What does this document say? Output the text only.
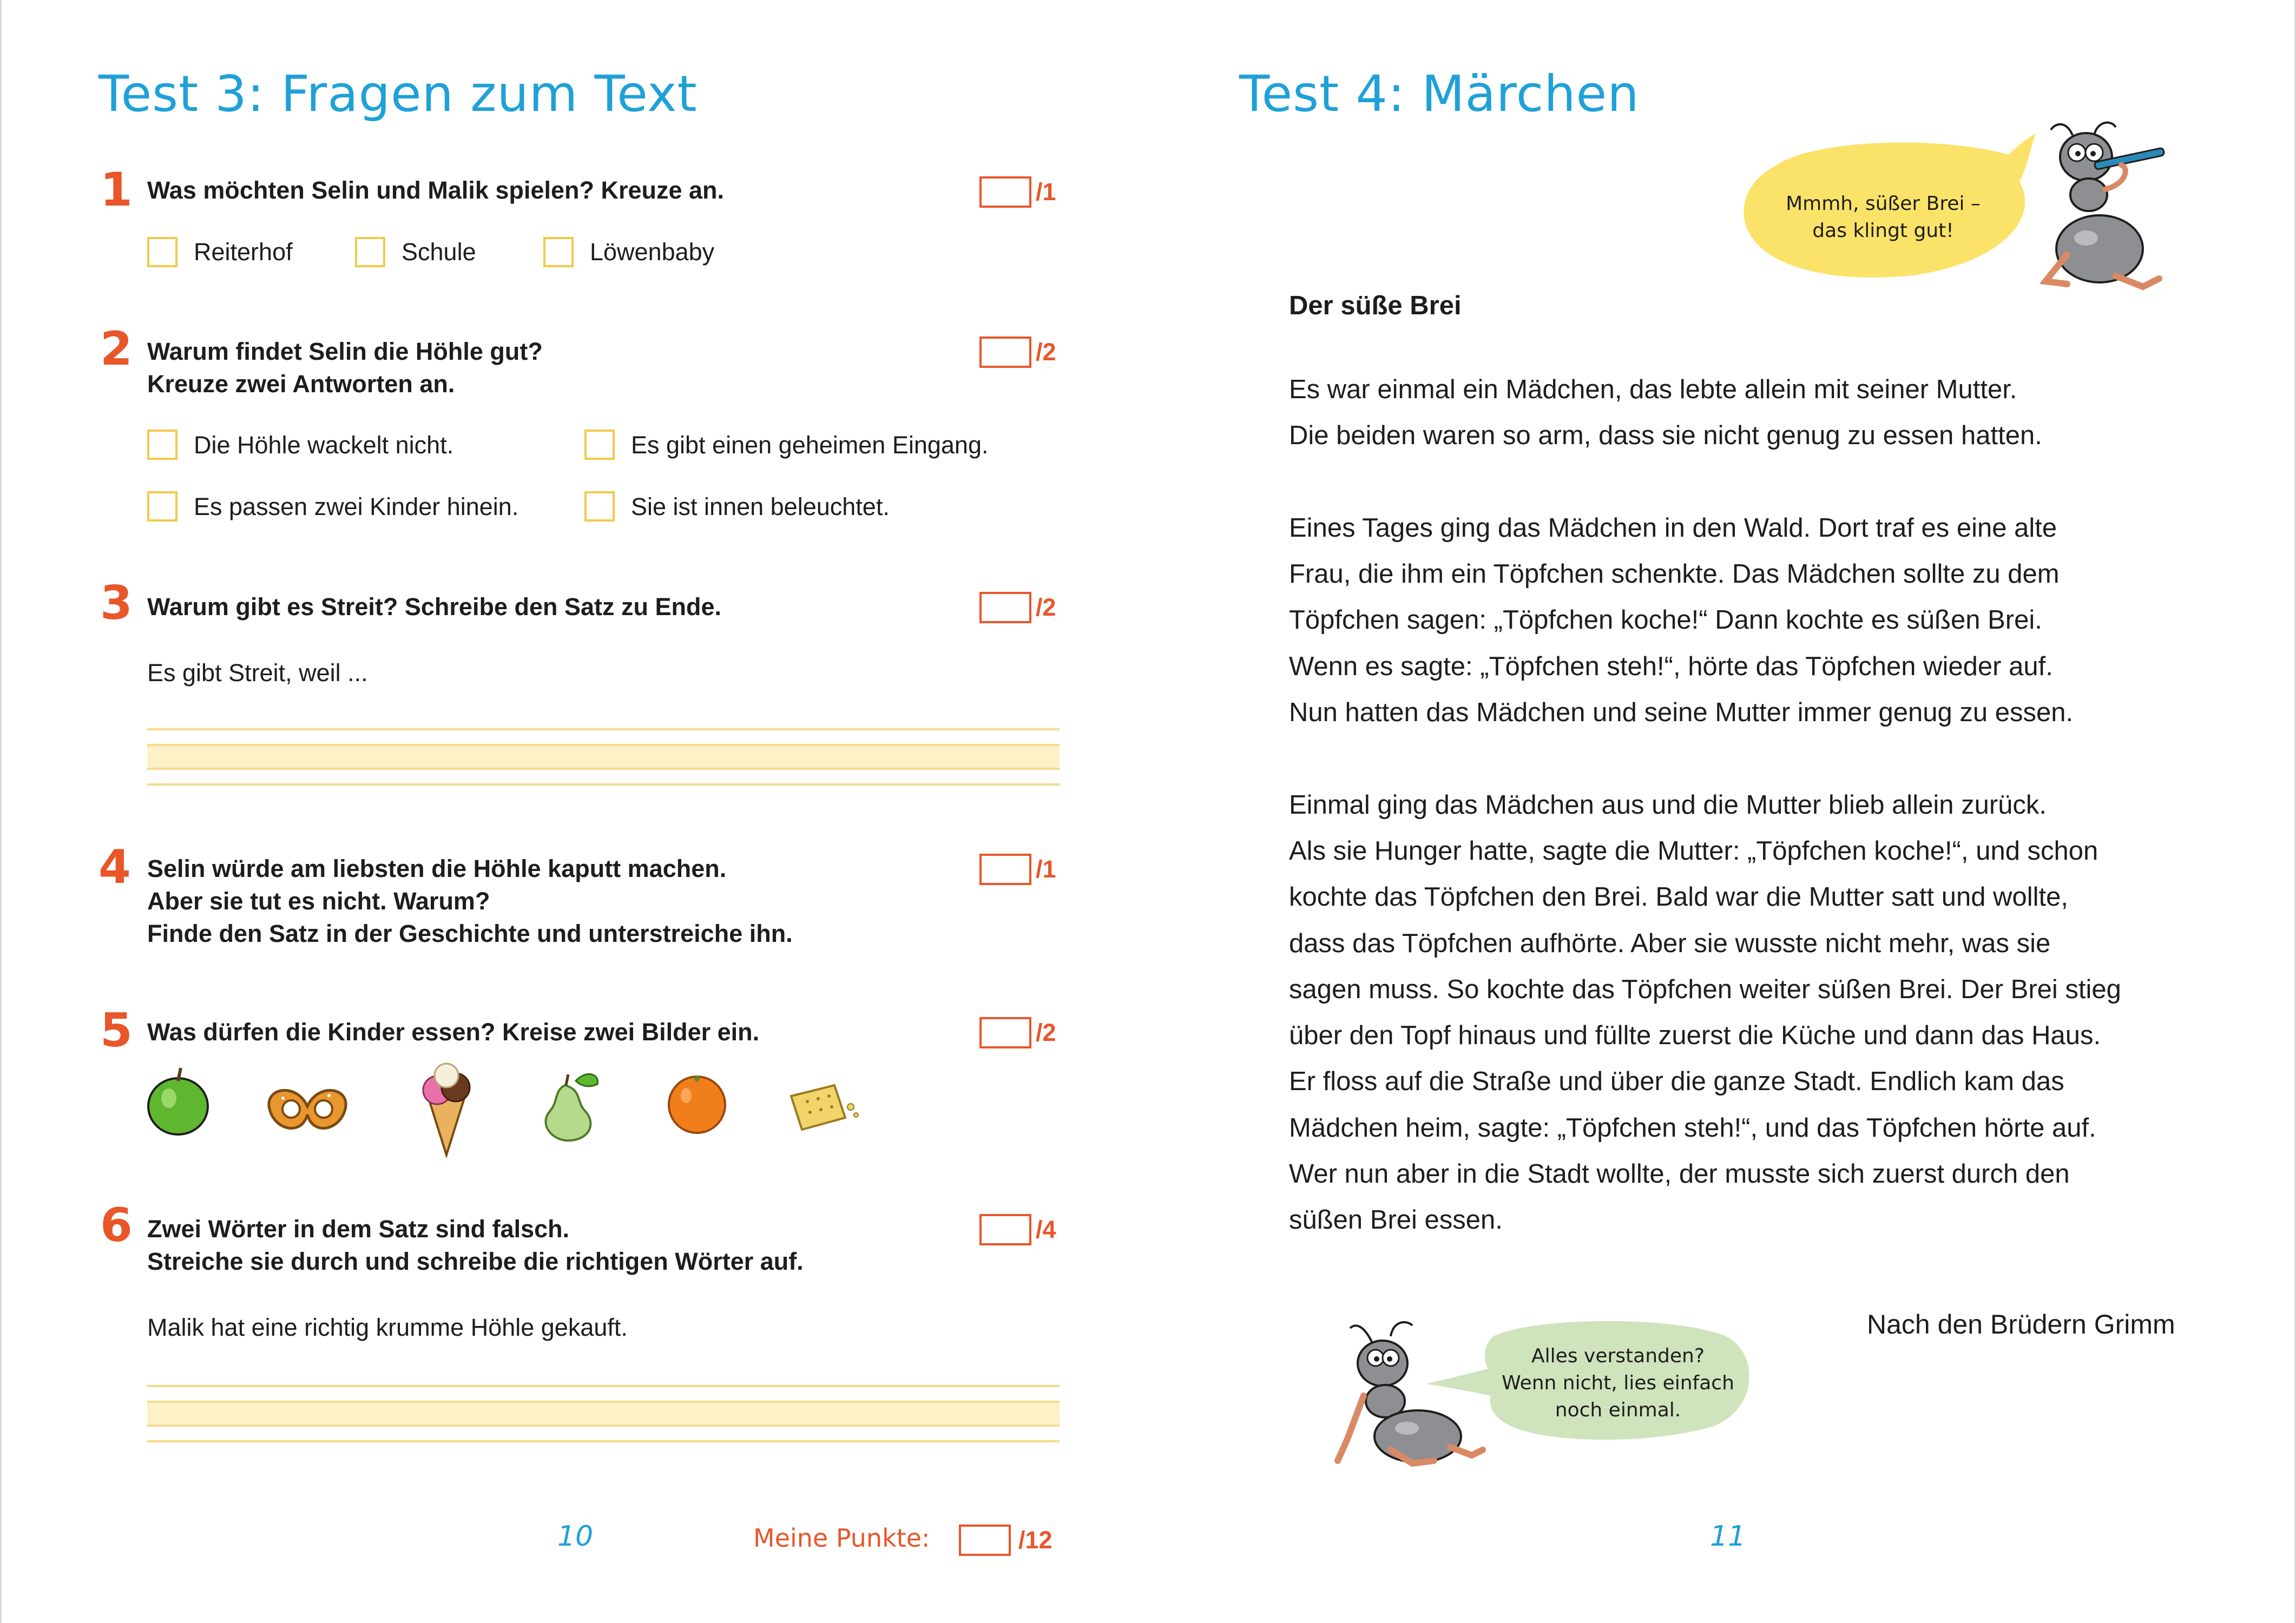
Test 3: Fragen zum Text
1 Was möchten Selin und Malik spielen? Kreuze an.	/1
Reiterhof	Schule	Löwenbaby
2 Warum findet Selin die Höhle gut?
Kreuze zwei Antworten an.
/2
Die Höhle wackelt nicht.	Es gibt einen geheimen Eingang.
Es passen zwei Kinder hinein.	Sie ist innen beleuchtet.
3 Warum gibt es Streit? Schreibe den Satz zu Ende.	/2
Es gibt Streit, weil ...
4 Selin würde am liebsten die Höhle kaputt machen.
Aber sie tut es nicht. Warum?
Finde den Satz in der Geschichte und unterstreiche ihn.
/1
5 Was dürfen die Kinder essen? Kreise zwei Bilder ein.	/2
6 Zwei Wörter in dem Satz sind falsch.
Streiche sie durch und schreibe die richtigen Wörter auf.
/4
Malik hat eine richtig krumme Höhle gekauft.
10	Meine Punkte:	/12
Test 4: Märchen
Mmmh, süßer Brei –
das klingt gut!
Der süße Brei

Es war einmal ein Mädchen, das lebte allein mit seiner Mutter.
Die beiden waren so arm, dass sie nicht genug zu essen hatten.

Eines Tages ging das Mädchen in den Wald. Dort traf es eine alte
Frau, die ihm ein Töpfchen schenkte. Das Mädchen sollte zu dem
Töpfchen sagen: „Töpfchen koche!“ Dann kochte es süßen Brei.
Wenn es sagte: „Töpfchen steh!“, hörte das Töpfchen wieder auf.
Nun hatten das Mädchen und seine Mutter immer genug zu essen.

Einmal ging das Mädchen aus und die Mutter blieb allein zurück.
Als sie Hunger hatte, sagte die Mutter: „Töpfchen koche!“, und schon
kochte das Töpfchen den Brei. Bald war die Mutter satt und wollte,
dass das Töpfchen aufhörte. Aber sie wusste nicht mehr, was sie
sagen muss. So kochte das Töpfchen weiter süßen Brei. Der Brei stieg
über den Topf hinaus und füllte zuerst die Küche und dann das Haus.
Er floss auf die Straße und über die ganze Stadt. Endlich kam das
Mädchen heim, sagte: „Töpfchen steh!“, und das Töpfchen hörte auf.
Wer nun aber in die Stadt wollte, der musste sich zuerst durch den
süßen Brei essen.

Nach den Brüdern Grimm
Alles verstanden?
Wenn nicht, lies einfach
noch einmal.
11
